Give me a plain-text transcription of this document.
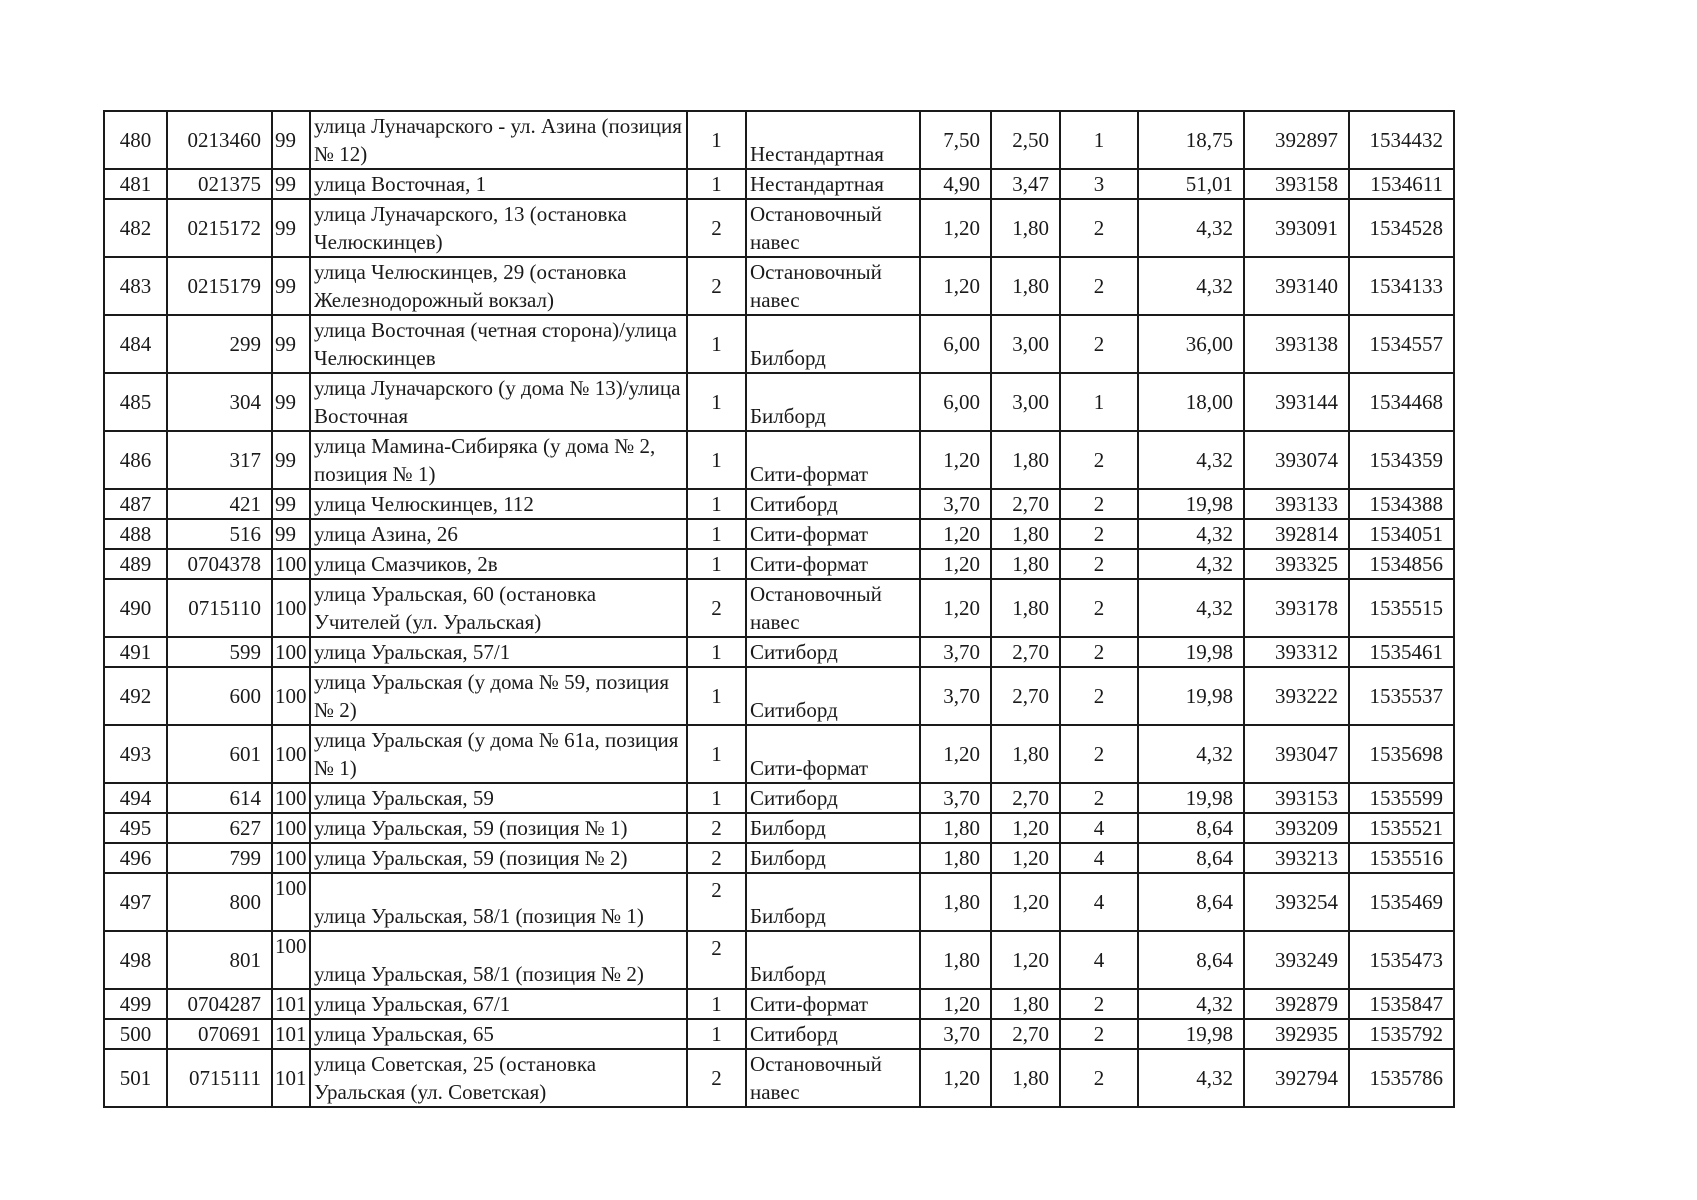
480	0213460	99	улица Луначарского - ул. Азина (позиция № 12)	1	Нестандартная	7,50	2,50	1	18,75	392897	1534432
481	021375	99	улица Восточная, 1	1	Нестандартная	4,90	3,47	3	51,01	393158	1534611
482	0215172	99	улица Луначарского, 13 (остановка Челюскинцев)	2	Остановочный навес	1,20	1,80	2	4,32	393091	1534528
483	0215179	99	улица Челюскинцев, 29 (остановка Железнодорожный вокзал)	2	Остановочный навес	1,20	1,80	2	4,32	393140	1534133
484	299	99	улица Восточная (четная сторона)/улица Челюскинцев	1	Билборд	6,00	3,00	2	36,00	393138	1534557
485	304	99	улица Луначарского (у дома № 13)/улица Восточная	1	Билборд	6,00	3,00	1	18,00	393144	1534468
486	317	99	улица Мамина-Сибиряка (у дома № 2, позиция № 1)	1	Сити-формат	1,20	1,80	2	4,32	393074	1534359
487	421	99	улица Челюскинцев, 112	1	Ситиборд	3,70	2,70	2	19,98	393133	1534388
488	516	99	улица Азина, 26	1	Сити-формат	1,20	1,80	2	4,32	392814	1534051
489	0704378	100	улица Смазчиков, 2в	1	Сити-формат	1,20	1,80	2	4,32	393325	1534856
490	0715110	100	улица Уральская, 60 (остановка Учителей (ул. Уральская)	2	Остановочный навес	1,20	1,80	2	4,32	393178	1535515
491	599	100	улица Уральская, 57/1	1	Ситиборд	3,70	2,70	2	19,98	393312	1535461
492	600	100	улица Уральская (у дома № 59, позиция № 2)	1	Ситиборд	3,70	2,70	2	19,98	393222	1535537
493	601	100	улица Уральская (у дома № 61а, позиция № 1)	1	Сити-формат	1,20	1,80	2	4,32	393047	1535698
494	614	100	улица Уральская, 59	1	Ситиборд	3,70	2,70	2	19,98	393153	1535599
495	627	100	улица Уральская, 59 (позиция № 1)	2	Билборд	1,80	1,20	4	8,64	393209	1535521
496	799	100	улица Уральская, 59 (позиция № 2)	2	Билборд	1,80	1,20	4	8,64	393213	1535516
497	800	100	улица Уральская, 58/1 (позиция № 1)	2	Билборд	1,80	1,20	4	8,64	393254	1535469
498	801	100	улица Уральская, 58/1 (позиция № 2)	2	Билборд	1,80	1,20	4	8,64	393249	1535473
499	0704287	101	улица Уральская, 67/1	1	Сити-формат	1,20	1,80	2	4,32	392879	1535847
500	070691	101	улица Уральская, 65	1	Ситиборд	3,70	2,70	2	19,98	392935	1535792
501	0715111	101	улица Советская, 25 (остановка Уральская (ул. Советская)	2	Остановочный навес	1,20	1,80	2	4,32	392794	1535786
